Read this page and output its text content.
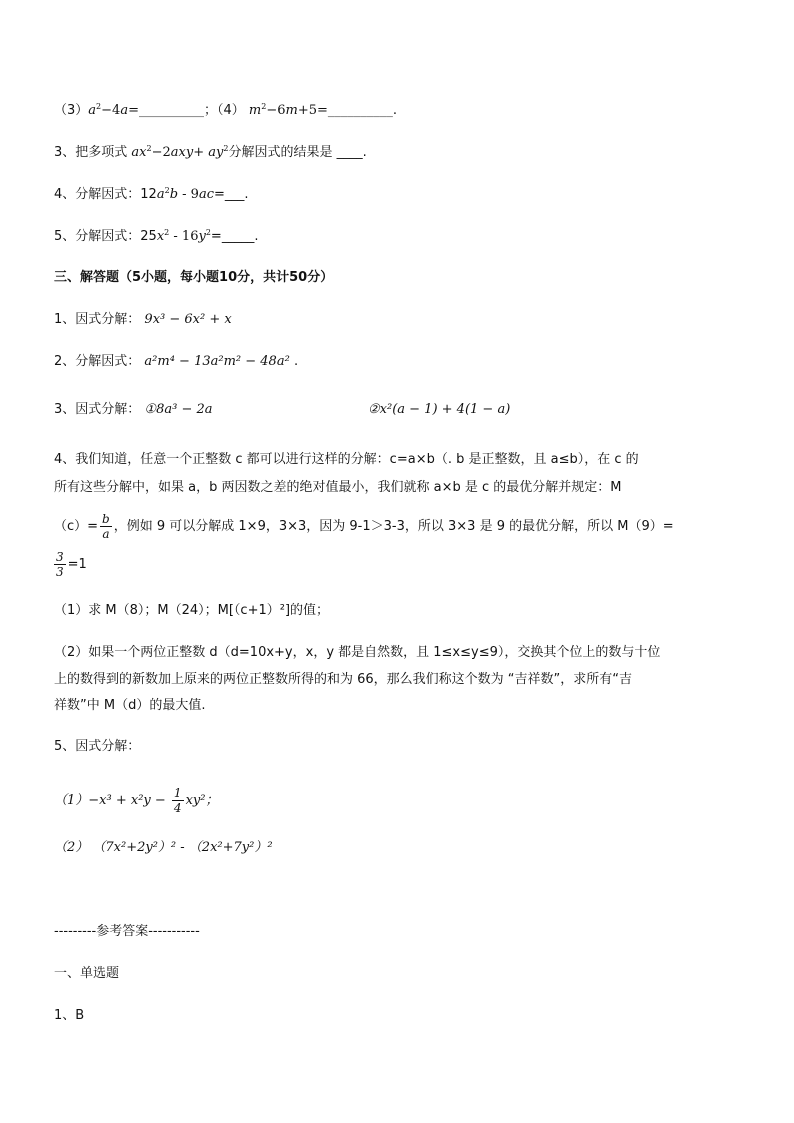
$(3)a^2-4a=\_\_\_\_\_\_\_\_\_\_$；（4） $m^2-6m+5=\_\_\_\_\_\_\_\_\_\_$.
3、把多项式 $ax^2-2axy+ ay^2$分解因式的结果是 ____.
4、分解因式：$12a^2b$ - 9ac=___.
5、分解因式：$25x^2$ - $16y^2=\_\_\_\_\_$.
三、解答题（5小题，每小题10分，共计50分）
1、因式分解： 9x³ − 6x² + x
2、分解因式： a²m⁴ − 13a²m² − 48a² .
3、因式分解： ①8a³ − 2a	②x²(a − 1) + 4(1 − a)
4、我们知道，任意一个正整数 c 都可以进行这样的分解：c=a×b（. b 是正整数，且 a≤b），在 c 的
所有这些分解中，如果 a，b 两因数之差的绝对值最小，我们就称 a×b 是 c 的最优分解并规定：M
$(c)= \frac{b}{a}$ ，例如 9 可以分解成 1×9，3×3，因为 9-1＞3-3，所以 3×3 是 9 的最优分解，所以 M（9）=
$\frac{3}{3} =1$
（1）求 M（8）；M（24）；M[（c+1）²]的值；
（2）如果一个两位正整数 d（d=10x+y，x，y 都是自然数，且 1≤x≤y≤9），交换其个位上的数与十位
上的数得到的新数加上原来的两位正整数所得的和为 66，那么我们称这个数为 “吉祥数”，求所有“吉
祥数”中 M（d）的最大值.
5、因式分解：
$(1)-x^3 + x^2y - \frac{1}{4} xy^2$；
（2） （7x²+2y²）² - （2x²+7y²）²
---------参考答案-----------
一、单选题
1、B
